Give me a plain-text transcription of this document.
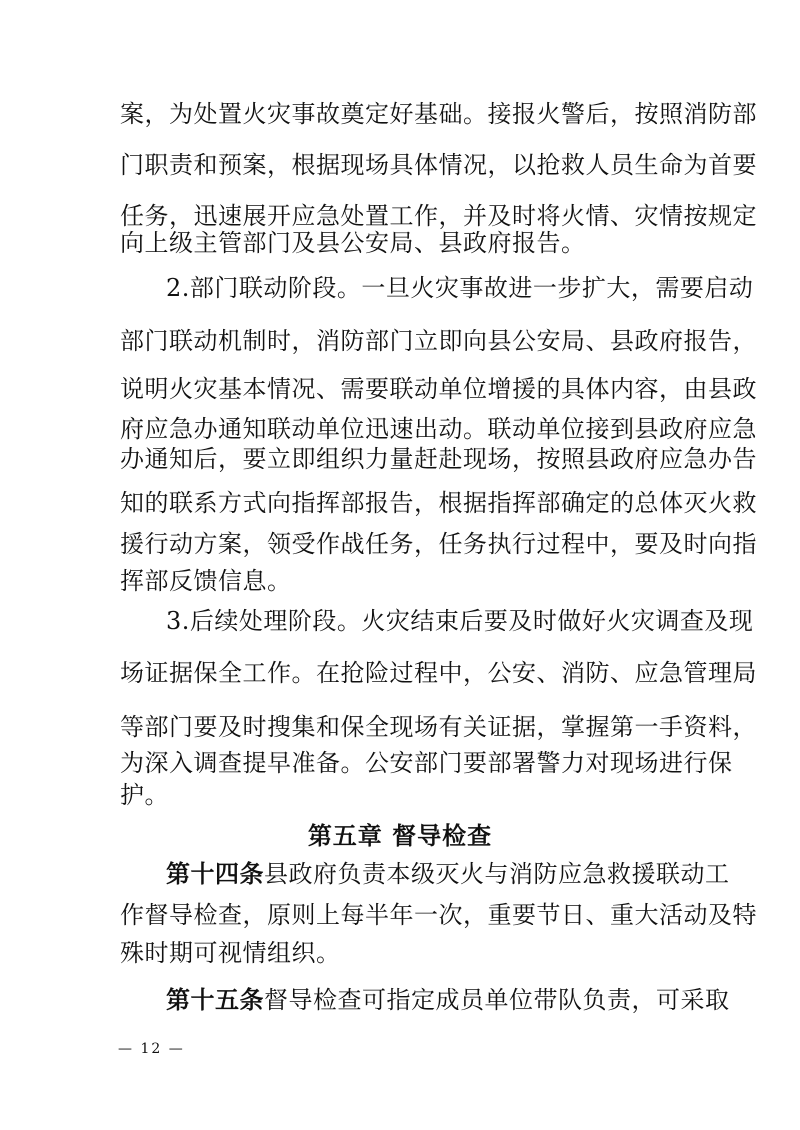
案，为处置火灾事故奠定好基础。接报火警后，按照消防部
门职责和预案，根据现场具体情况，以抢救人员生命为首要
任务，迅速展开应急处置工作，并及时将火情、灾情按规定
向上级主管部门及县公安局、县政府报告。
2.部门联动阶段。一旦火灾事故进一步扩大，需要启动
部门联动机制时，消防部门立即向县公安局、县政府报告，
说明火灾基本情况、需要联动单位增援的具体内容，由县政
府应急办通知联动单位迅速出动。联动单位接到县政府应急
办通知后，要立即组织力量赶赴现场，按照县政府应急办告
知的联系方式向指挥部报告，根据指挥部确定的总体灭火救
援行动方案，领受作战任务，任务执行过程中，要及时向指
挥部反馈信息。
3.后续处理阶段。火灾结束后要及时做好火灾调查及现
场证据保全工作。在抢险过程中，公安、消防、应急管理局
等部门要及时搜集和保全现场有关证据，掌握第一手资料，
为深入调查提早准备。公安部门要部署警力对现场进行保
护。
第五章 督导检查
第十四条县政府负责本级灭火与消防应急救援联动工
作督导检查，原则上每半年一次，重要节日、重大活动及特
殊时期可视情组织。
第十五条督导检查可指定成员单位带队负责，可采取
— 12 —
